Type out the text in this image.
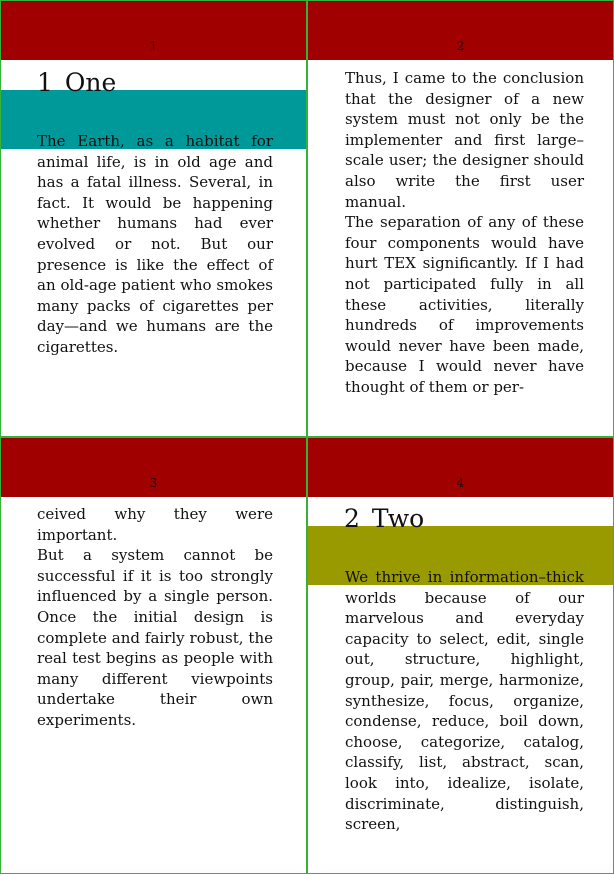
1
1 One

The Earth, as a habitat for animal life, is in old age and has a fatal illness. Several, in fact. It would be happening whether humans had ever evolved or not. But our presence is like the effect of an old-age patient who smokes many packs of cigarettes per day—and we humans are the cigarettes.

2

Thus, I came to the conclusion that the designer of a new system must not only be the implementer and first large–scale user; the designer should also write the first user manual.

The separation of any of these four components would have hurt TEX significantly. If I had not participated fully in all these activities, literally hundreds of improvements would never have been made, because I would never have thought of them or per-

3

ceived why they were important.

But a system cannot be successful if it is too strongly influenced by a single person. Once the initial design is complete and fairly robust, the real test begins as people with many different viewpoints undertake their own experiments.

4
2 Two

We thrive in information–thick worlds because of our marvelous and everyday capacity to select, edit, single out, structure, highlight, group, pair, merge, harmonize, synthesize, focus, organize, condense, reduce, boil down, choose, categorize, catalog, classify, list, abstract, scan, look into, idealize, isolate, discriminate, distinguish, screen,
